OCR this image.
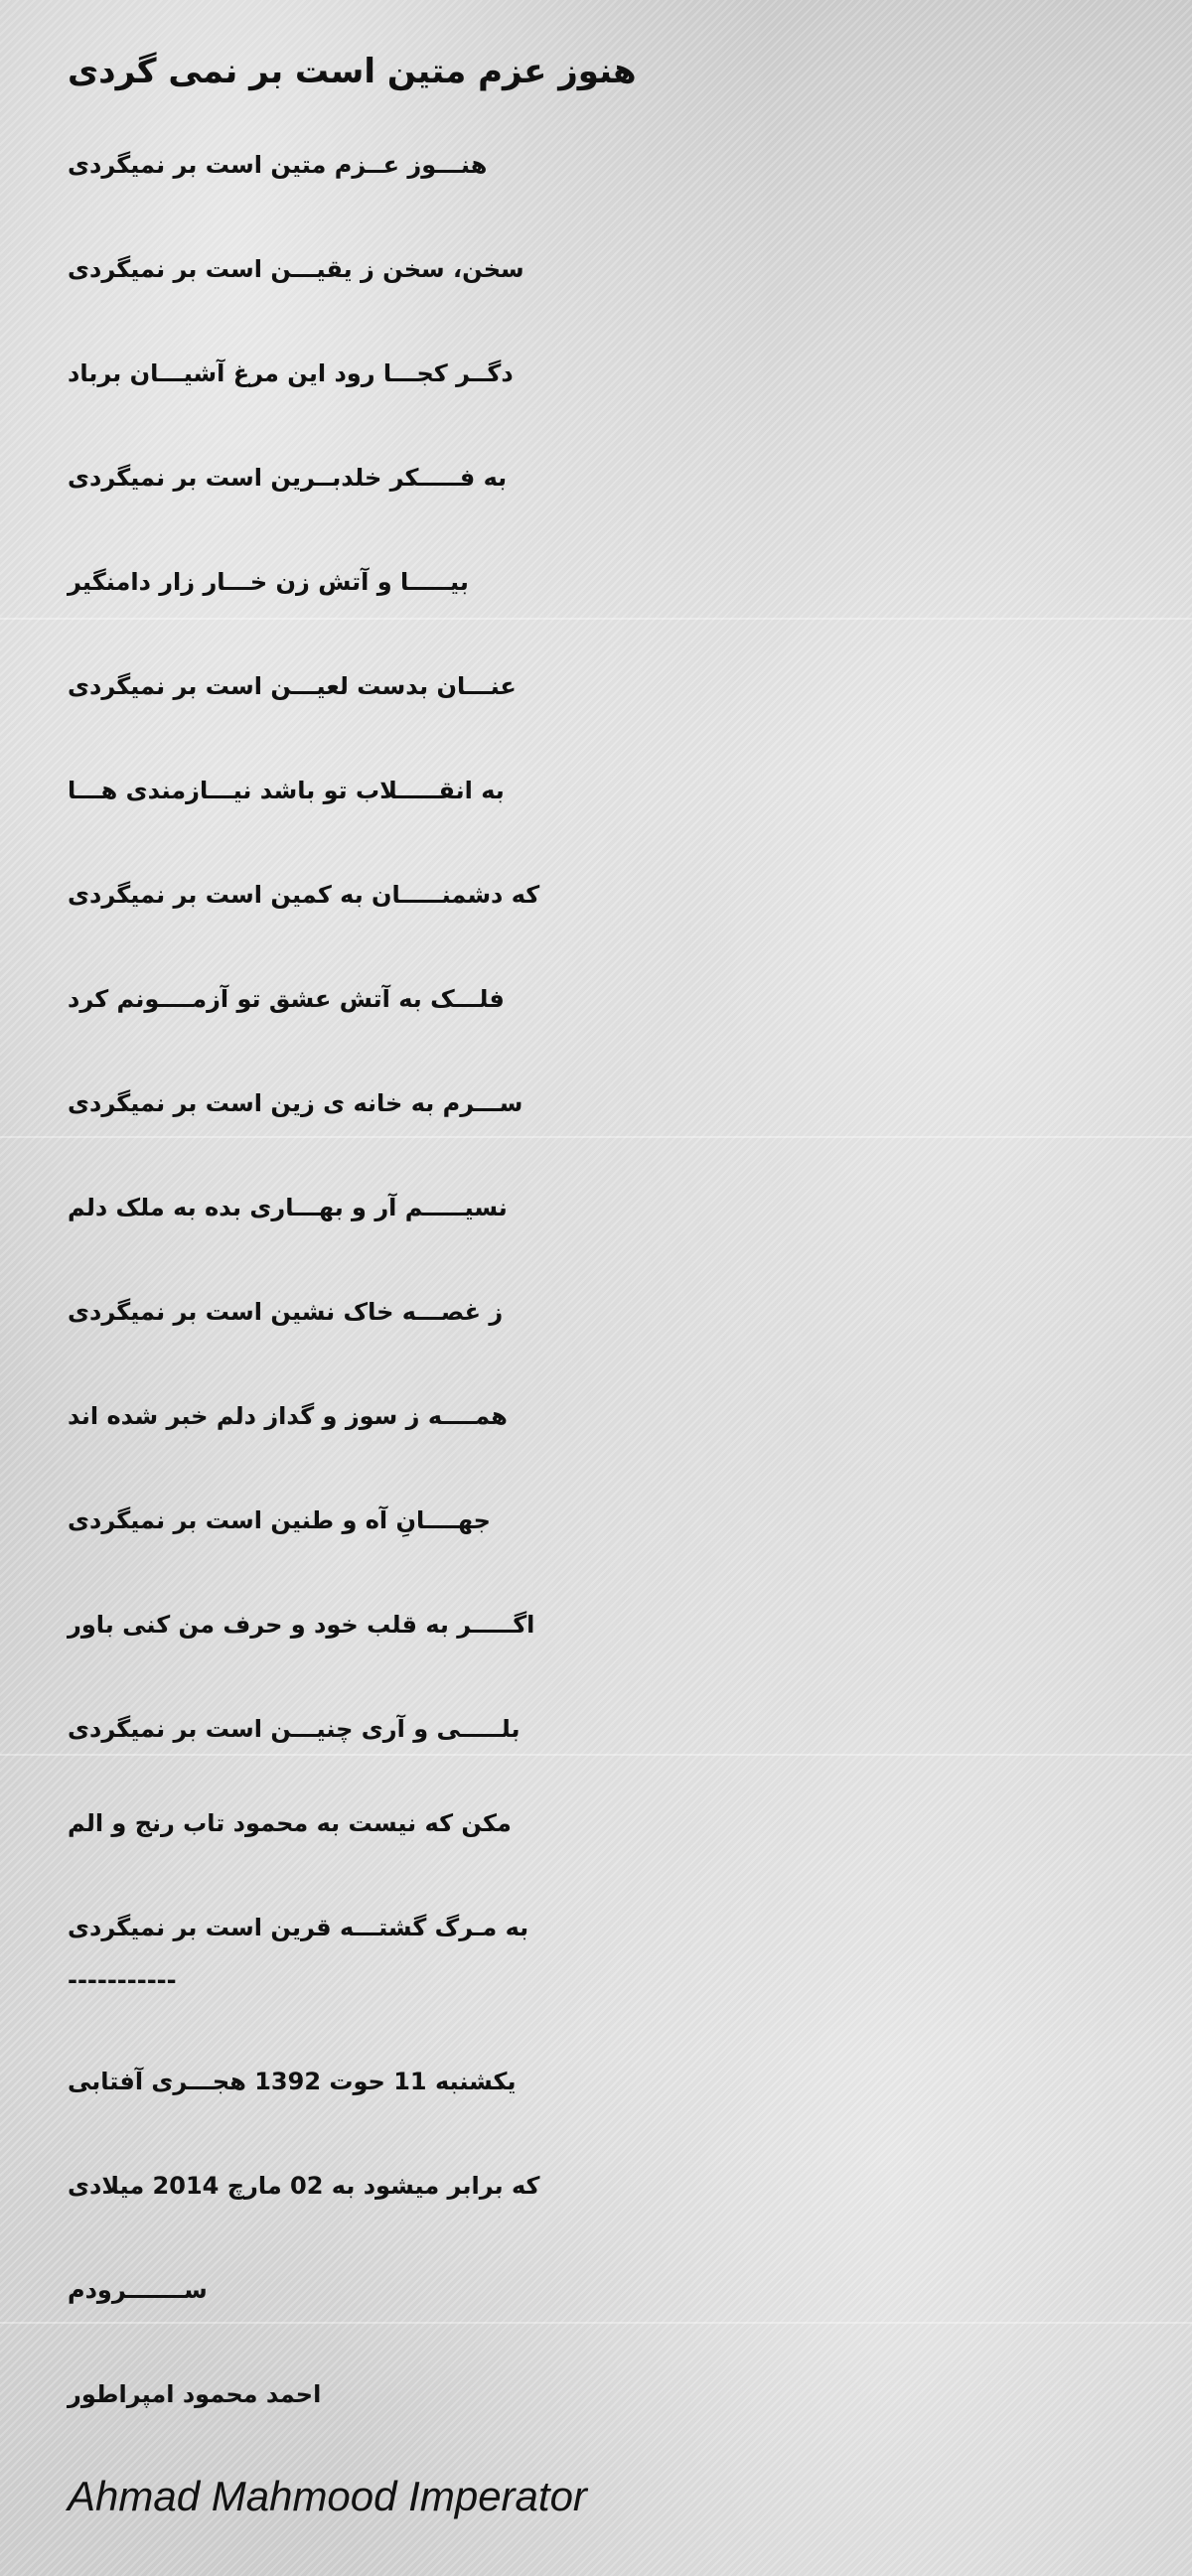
هنوز عزم متین است بر نمی گردی
هنـــوز عــزم متین است بر نمیگردی
سخن، سخن ز یقیـــن است بر نمیگردی
دگــر کجـــا رود این مرغ آشیـــان برباد
به فـــــکر خلدبــرین است بر نمیگردی
بیـــــا و آتش زن خـــار زار دامنگیر
عنـــان بدست لعیـــن است بر نمیگردی
به انقـــــلاب تو باشد نیـــازمندی هـــا
که دشمنـــــان به کمین است بر نمیگردی
فلـــک به آتش عشق تو آزمــــونم کرد
ســـرم به خانه ی زین است بر نمیگردی
نسیـــــم آر و بهـــاری بده به ملک دلم
ز غصـــه خاک نشین است بر نمیگردی
همــــه ز سوز و گداز دلم خبر شده اند
جهــــانِ آه و طنین است بر نمیگردی
اگـــــر به قلب خود و حرف من کنی باور
بلـــــی و آری چنیـــن است بر نمیگردی
مکن که نیست به محمود تاب رنج و الم
به مـرگ گشتـــه قرین است بر نمیگردی
-----------
یکشنبه 11 حوت 1392 هجـــری آفتابی
که برابر میشود به 02 مارچ 2014 میلادی
ســـــــرودم
احمد محمود امپراطور
Ahmad Mahmood Imperator
